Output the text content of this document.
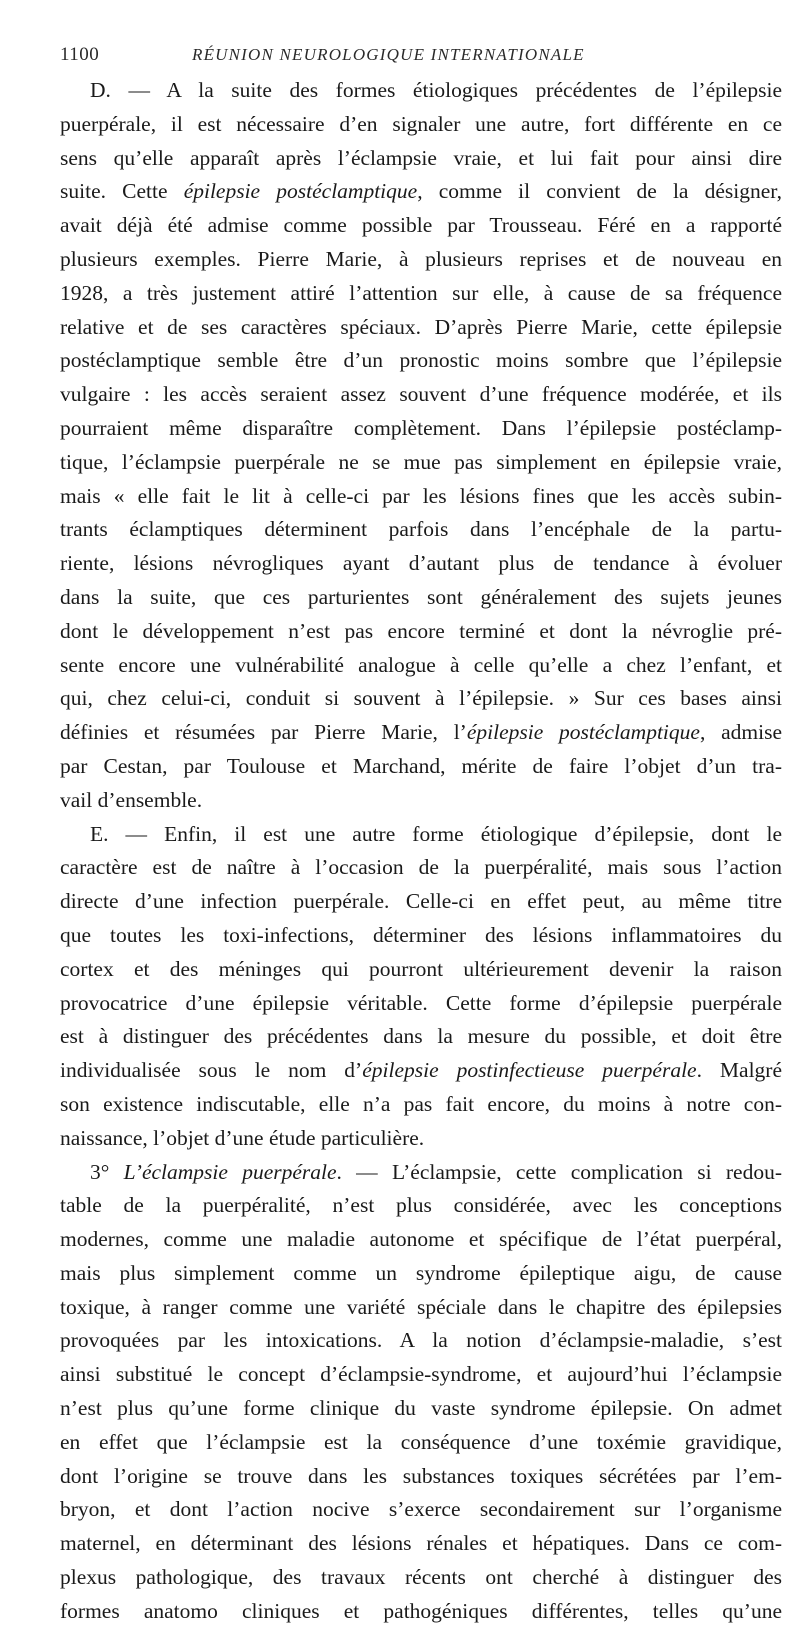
1100	RÉUNION NEUROLOGIQUE INTERNATIONALE

D. — A la suite des formes étiologiques précédentes de l’épilepsie
puerpérale, il est nécessaire d’en signaler une autre, fort différente en ce
sens qu’elle apparaît après l’éclampsie vraie, et lui fait pour ainsi dire
suite. Cette épilepsie postéclamptique, comme il convient de la désigner,
avait déjà été admise comme possible par Trousseau. Féré en a rapporté
plusieurs exemples. Pierre Marie, à plusieurs reprises et de nouveau en
1928, a très justement attiré l’attention sur elle, à cause de sa fréquence
relative et de ses caractères spéciaux. D’après Pierre Marie, cette épilepsie
postéclamptique semble être d’un pronostic moins sombre que l’épilepsie
vulgaire : les accès seraient assez souvent d’une fréquence modérée, et ils
pourraient même disparaître complètement. Dans l’épilepsie postéclamp-
tique, l’éclampsie puerpérale ne se mue pas simplement en épilepsie vraie,
mais « elle fait le lit à celle-ci par les lésions fines que les accès subin-
trants éclamptiques déterminent parfois dans l’encéphale de la partu-
riente, lésions névrogliques ayant d’autant plus de tendance à évoluer
dans la suite, que ces parturientes sont généralement des sujets jeunes
dont le développement n’est pas encore terminé et dont la névroglie pré-
sente encore une vulnérabilité analogue à celle qu’elle a chez l’enfant, et
qui, chez celui-ci, conduit si souvent à l’épilepsie. » Sur ces bases ainsi
définies et résumées par Pierre Marie, l’épilepsie postéclamptique, admise
par Cestan, par Toulouse et Marchand, mérite de faire l’objet d’un tra-
vail d’ensemble.

E. — Enfin, il est une autre forme étiologique d’épilepsie, dont le
caractère est de naître à l’occasion de la puerpéralité, mais sous l’action
directe d’une infection puerpérale. Celle-ci en effet peut, au même titre
que toutes les toxi-infections, déterminer des lésions inflammatoires du
cortex et des méninges qui pourront ultérieurement devenir la raison
provocatrice d’une épilepsie véritable. Cette forme d’épilepsie puerpérale
est à distinguer des précédentes dans la mesure du possible, et doit être
individualisée sous le nom d’épilepsie postinfectieuse puerpérale. Malgré
son existence indiscutable, elle n’a pas fait encore, du moins à notre con-
naissance, l’objet d’une étude particulière.

3° L’éclampsie puerpérale. — L’éclampsie, cette complication si redou-
table de la puerpéralité, n’est plus considérée, avec les conceptions
modernes, comme une maladie autonome et spécifique de l’état puerpéral,
mais plus simplement comme un syndrome épileptique aigu, de cause
toxique, à ranger comme une variété spéciale dans le chapitre des épilepsies
provoquées par les intoxications. A la notion d’éclampsie-maladie, s’est
ainsi substitué le concept d’éclampsie-syndrome, et aujourd’hui l’éclampsie
n’est plus qu’une forme clinique du vaste syndrome épilepsie. On admet
en effet que l’éclampsie est la conséquence d’une toxémie gravidique,
dont l’origine se trouve dans les substances toxiques sécrétées par l’em-
bryon, et dont l’action nocive s’exerce secondairement sur l’organisme
maternel, en déterminant des lésions rénales et hépatiques. Dans ce com-
plexus pathologique, des travaux récents ont cherché à distinguer des
formes anatomo cliniques et pathogéniques différentes, telles qu’une
